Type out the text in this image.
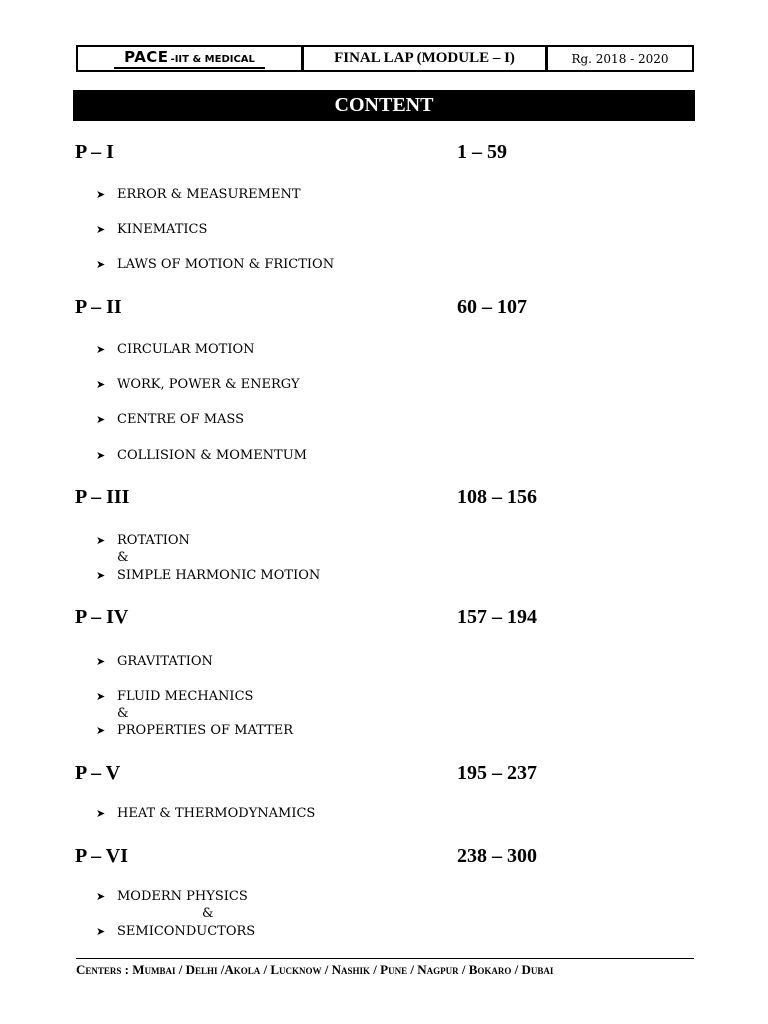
PACE -IIT & MEDICAL	FINAL LAP (MODULE – I)	Rg. 2018 - 2020
CONTENT
P – I	1 – 59
➤ ERROR & MEASUREMENT
➤ KINEMATICS
➤ LAWS OF MOTION & FRICTION
P – II	60 – 107
➤ CIRCULAR MOTION
➤ WORK, POWER & ENERGY
➤ CENTRE OF MASS
➤ COLLISION & MOMENTUM
P – III	108 – 156
➤ ROTATION
&
➤ SIMPLE HARMONIC MOTION
P – IV	157 – 194
➤ GRAVITATION
➤ FLUID MECHANICS
&
➤ PROPERTIES OF MATTER
P – V	195 – 237
➤ HEAT & THERMODYNAMICS
P – VI	238 – 300
➤ MODERN PHYSICS
&
➤ SEMICONDUCTORS
Centers : Mumbai / Delhi /Akola / Lucknow / Nashik / Pune / Nagpur / Bokaro / Dubai
